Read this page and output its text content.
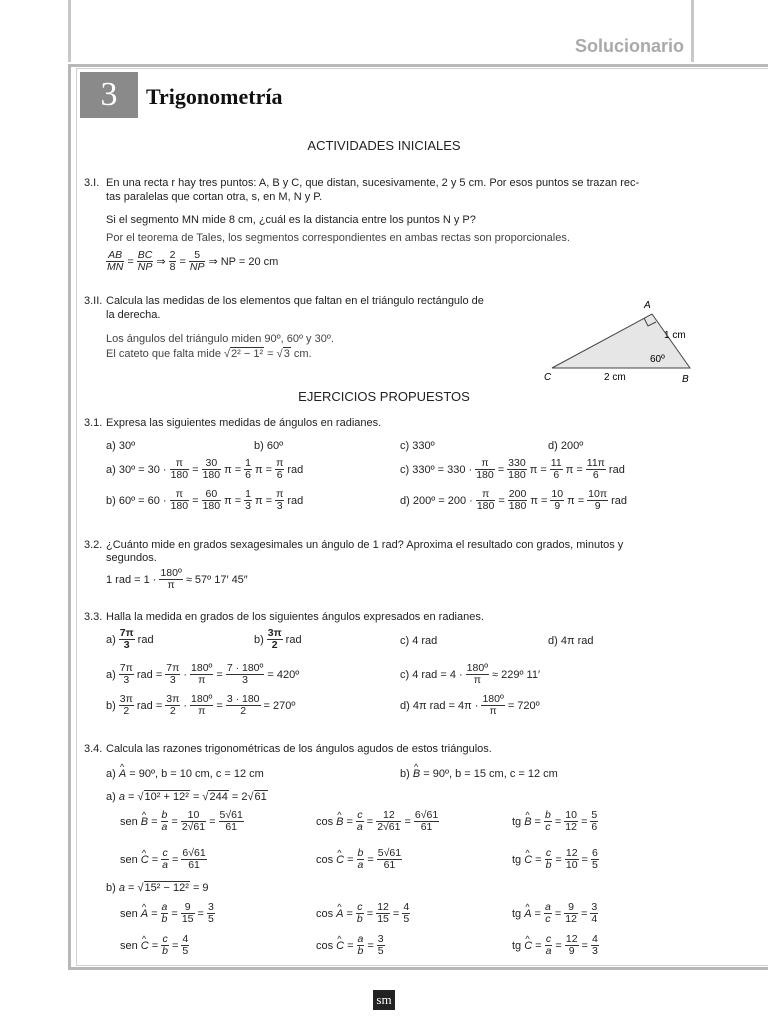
Solucionario
3	Trigonometría
ACTIVIDADES INICIALES
3.I. En una recta r hay tres puntos: A, B y C, que distan, sucesivamente, 2 y 5 cm. Por esos puntos se trazan rec-
tas paralelas que cortan otra, s, en M, N y P.
Si el segmento MN mide 8 cm, ¿cuál es la distancia entre los puntos N y P?
Por el teorema de Tales, los segmentos correspondientes en ambas rectas son proporcionales.
$\frac{AB}{MN} = \frac{BC}{NP}$ ⇒ $\frac{2}{8} = \frac{5}{NP}$ ⇒ NP = 20 cm
3.II. Calcula las medidas de los elementos que faltan en el triángulo rectángulo de
la derecha.
Los ángulos del triángulo miden 90º, 60º y 30º.
El cateto que falta mide √2² − 1² = √3 cm.
A
B
C
1 cm
2 cm
60º
EJERCICIOS PROPUESTOS
3.1. Expresa las siguientes medidas de ángulos en radianes.
a) 30º	b) 60º	c) 330º	d) 200º
a) 30º = $30 \cdot \frac{\pi}{180} = \frac{30}{180}$ $\pi = \frac{1}{6}$ $\pi = \frac{\pi}{6}$ rad	c) 330º = $330 \cdot \frac{\pi}{180} = \frac{330}{180}$ $\pi = \frac{11}{6}$ $\pi = \frac{11\pi}{6}$ rad
b) 60º = $60 \cdot \frac{\pi}{180} = \frac{60}{180}$ $\pi = \frac{1}{3}$ $\pi = \frac{\pi}{3}$ rad	d) 200º = $200 \cdot \frac{\pi}{180} = \frac{200}{180}$ $\pi = \frac{10}{9}$ $\pi = \frac{10\pi}{9}$ rad
3.2. ¿Cuánto mide en grados sexagesimales un ángulo de 1 rad? Aproxima el resultado con grados, minutos y
segundos.
1 rad = $1 \cdot \frac{\text{180º}}{\pi}$ ≈ 57º 17′ 45″
3.3. Halla la medida en grados de los siguientes ángulos expresados en radianes.
$a) \frac{7\pi}{3}$ rad	$b) \frac{3\pi}{2}$ rad	c) 4 rad	d) 4π rad
$a) \frac{7\pi}{3}$ rad = $\frac{7\pi}{3} \cdot \frac{\text{180º}}{\pi} = \frac{\text{7 · 180º}}{3}$ = 420º	c) 4 rad = $4 \cdot \frac{\text{180º}}{\pi}$ ≈ 229º 11′
$b) \frac{3\pi}{2}$ rad = $\frac{3\pi}{2} \cdot \frac{\text{180º}}{\pi} = \frac{3 \cdot 180}{2}$ = 270º	d) 4π rad = $4\pi \cdot \frac{\text{180º}}{\pi}$ = 720º
3.4. Calcula las razones trigonométricas de los ángulos agudos de estos triángulos.
a) ^ A = 90º, b = 10 cm, c = 12 cm	b) ^ B = 90º, b = 15 cm, c = 12 cm
a) a = √10² + 12² = √244 = 2√61
sen ^ $B = \frac{b}{a} = \frac{10}{2√61} = \frac{5√61}{61}$	cos ^ $B = \frac{c}{a} = \frac{12}{2√61} = \frac{6√61}{61}$	tg ^ $B = \frac{b}{c} = \frac{10}{12} = \frac{5}{6}$
sen ^ $C = \frac{c}{a} = \frac{6√61}{61}$	cos ^ $C = \frac{b}{a} = \frac{5√61}{61}$	tg ^ $C = \frac{c}{b} = \frac{12}{10} = \frac{6}{5}$
b) a = √15² − 12² = 9
sen ^ $A = \frac{a}{b} = \frac{9}{15} = \frac{3}{5}$	cos ^ $A = \frac{c}{b} = \frac{12}{15} = \frac{4}{5}$	tg ^ $A = \frac{a}{c} = \frac{9}{12} = \frac{3}{4}$
sen ^ $C = \frac{c}{b} = \frac{4}{5}$	cos ^ $C = \frac{a}{b} = \frac{3}{5}$	tg ^ $C = \frac{c}{a} = \frac{12}{9} = \frac{4}{3}$
sm
